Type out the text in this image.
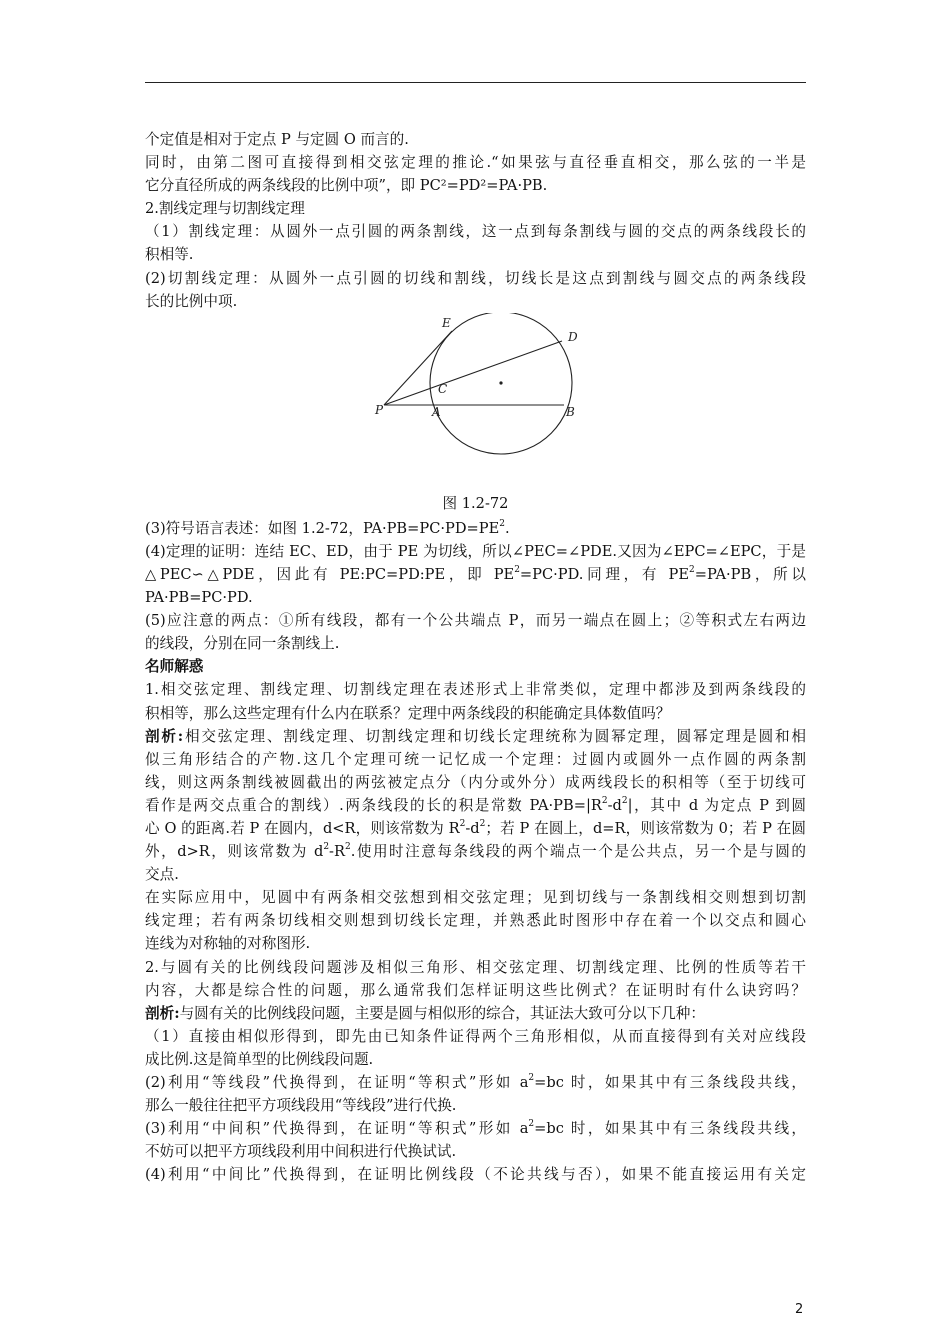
个定值是相对于定点 P 与定圆 O 而言的.
同时，由第二图可直接得到相交弦定理的推论.“如果弦与直径垂直相交，那么弦的一半是
它分直径所成的两条线段的比例中项”，即 PC²=PD²=PA·PB.
2.割线定理与切割线定理
（1）割线定理：从圆外一点引圆的两条割线，这一点到每条割线与圆的交点的两条线段长的
积相等.
(2)切割线定理：从圆外一点引圆的切线和割线，切线长是这点到割线与圆交点的两条线段
长的比例中项.
E
D
C
P	A	B
图 1.2-72
(3)符号语言表述：如图 1.2-72，$PA\cdot PB=PC\cdot PD=PE^2$.
(4)定理的证明：连结 EC、ED，由于 PE 为切线，所以∠PEC=∠PDE.又因为∠EPC=∠EPC，于是
△PEC∽△PDE，因此有 PE:PC=PD:PE，即 $PE^2=PC\cdot PD$.同理，有 $PE^2=PA\cdot PB$，所以
PA·PB=PC·PD.
(5)应注意的两点：①所有线段，都有一个公共端点 P，而另一端点在圆上；②等积式左右两边
的线段，分别在同一条割线上.
名师解惑
1.相交弦定理、割线定理、切割线定理在表述形式上非常类似，定理中都涉及到两条线段的
积相等，那么这些定理有什么内在联系？定理中两条线段的积能确定具体数值吗？
剖析:相交弦定理、割线定理、切割线定理和切线长定理统称为圆幂定理，圆幂定理是圆和相
似三角形结合的产物.这几个定理可统一记忆成一个定理：过圆内或圆外一点作圆的两条割
线，则这两条割线被圆截出的两弦被定点分（内分或外分）成两线段长的积相等（至于切线可
看作是两交点重合的割线）.两条线段的长的积是常数 $PA\cdot PB=|R^2-d^2|$，其中 d 为定点 P 到圆
心 O 的距离.若 P 在圆内，d<R，则该常数为 $R^2-d^2$；若 P 在圆上，d=R，则该常数为 0；若 P 在圆
外，d>R，则该常数为 $d^2-R^2$.使用时注意每条线段的两个端点一个是公共点，另一个是与圆的
交点.
在实际应用中，见圆中有两条相交弦想到相交弦定理；见到切线与一条割线相交则想到切割
线定理；若有两条切线相交则想到切线长定理，并熟悉此时图形中存在着一个以交点和圆心
连线为对称轴的对称图形.
2.与圆有关的比例线段问题涉及相似三角形、相交弦定理、切割线定理、比例的性质等若干
内容，大都是综合性的问题，那么通常我们怎样证明这些比例式？在证明时有什么诀窍吗？
剖析:与圆有关的比例线段问题，主要是圆与相似形的综合，其证法大致可分以下几种：
（1）直接由相似形得到，即先由已知条件证得两个三角形相似，从而直接得到有关对应线段
成比例.这是简单型的比例线段问题.
(2)利用“等线段”代换得到，在证明“等积式”形如 $a^2=bc$ 时，如果其中有三条线段共线，
那么一般往往把平方项线段用“等线段”进行代换.
(3)利用“中间积”代换得到，在证明“等积式”形如 $a^2=bc$ 时，如果其中有三条线段共线，
不妨可以把平方项线段利用中间积进行代换试试.
(4)利用“中间比”代换得到，在证明比例线段（不论共线与否），如果不能直接运用有关定
2
